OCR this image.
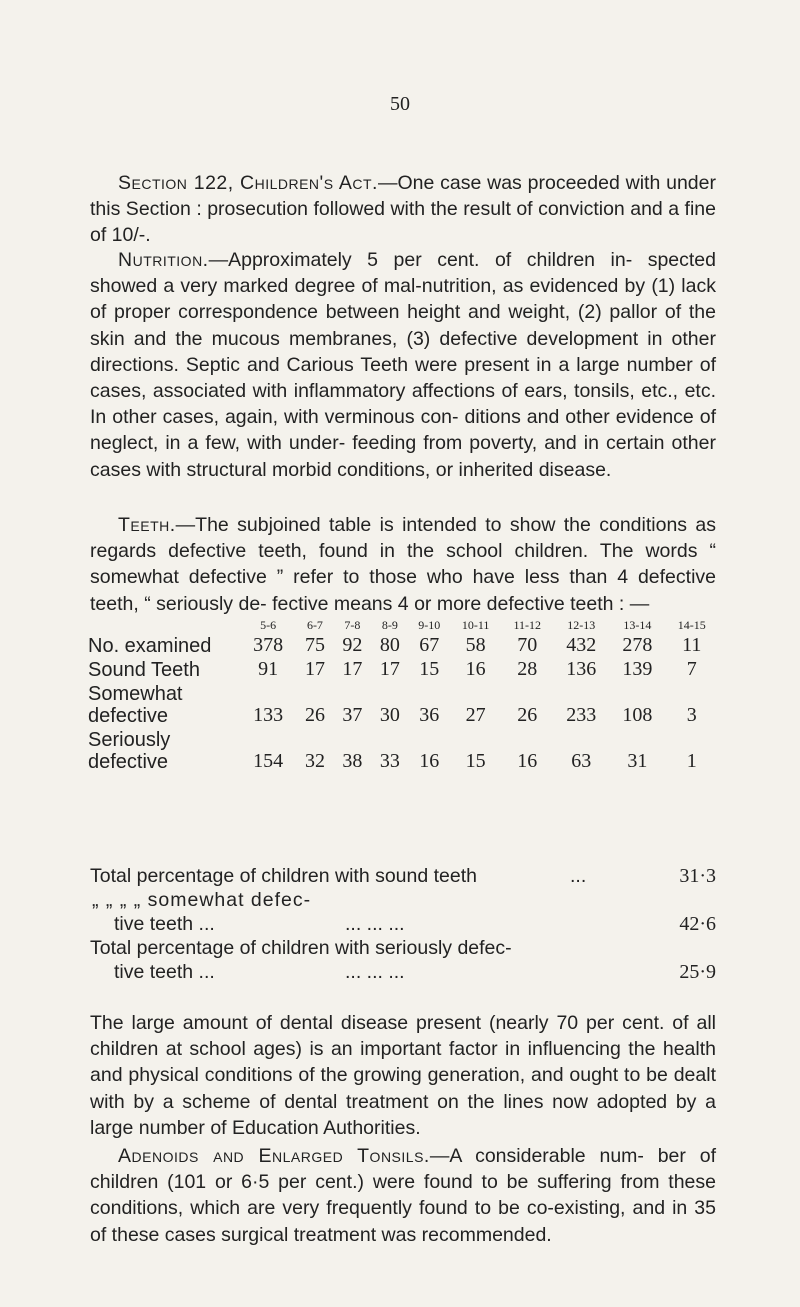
50

Section 122, Children's Act.—One case was proceeded with under this Section : prosecution followed with the result of conviction and a fine of 10/-.

Nutrition.—Approximately 5 per cent. of children in- spected showed a very marked degree of mal-nutrition, as evidenced by (1) lack of proper correspondence between height and weight, (2) pallor of the skin and the mucous membranes, (3) defective development in other directions. Septic and Carious Teeth were present in a large number of cases, associated with inflammatory affections of ears, tonsils, etc., etc. In other cases, again, with verminous con- ditions and other evidence of neglect, in a few, with under- feeding from poverty, and in certain other cases with structural morbid conditions, or inherited disease.

Teeth.—The subjoined table is intended to show the conditions as regards defective teeth, found in the school children. The words “ somewhat defective ” refer to those who have less than 4 defective teeth, “ seriously de- fective means 4 or more defective teeth : —

	5-6	6-7	7-8	8-9	9-10	10-11	11-12	12-13	13-14	14-15
No. examined	378	75	92	80	67	58	70	432	278	11
Sound Teeth	91	17	17	17	15	16	28	136	139	7
Somewhat
defective	133	26	37	30	36	27	26	233	108	3
Seriously
defective	154	32	38	33	16	15	16	63	31	1
Total percentage of children with sound teeth	...	31·3
„ „ „ „ somewhat defec-
tive teeth ...	... ... ...	42·6
Total percentage of children with seriously defec-
tive teeth ...	... ... ...	25·9

The large amount of dental disease present (nearly 70 per cent. of all children at school ages) is an important factor in influencing the health and physical conditions of the growing generation, and ought to be dealt with by a scheme of dental treatment on the lines now adopted by a large number of Education Authorities.

Adenoids and Enlarged Tonsils.—A considerable num- ber of children (101 or 6·5 per cent.) were found to be suffering from these conditions, which are very frequently found to be co-existing, and in 35 of these cases surgical treatment was recommended.
